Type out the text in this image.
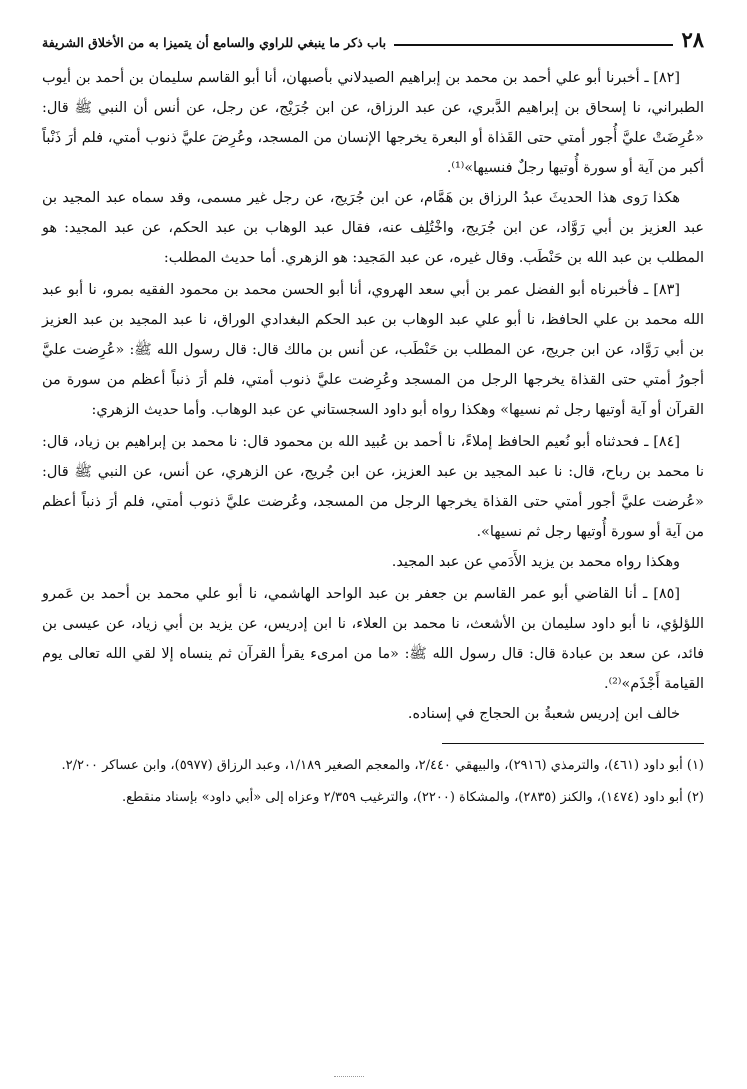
٢٨
باب ذكر ما ينبغي للراوي والسامع أن يتميزا به من الأخلاق الشريفة

[٨٢] ـ أخبرنا أبو علي أحمد بن محمد بن إبراهيم الصيدلاني بأصبهان، أنا أبو القاسم سليمان بن أحمد بن أيوب الطبراني، نا إسحاق بن إبراهيم الدَّبري، عن عبد الرزاق، عن ابن جُرَيْج، عن رجل، عن أنس أن النبي ﷺ قال: «عُرِضَتْ عليَّ أُجور أمتي حتى القَذاة أو البعرة يخرجها الإنسان من المسجد، وعُرِضَ عليَّ ذنوب أمتي، فلم أرَ ذَنْباً أكبر من آية أو سورة أُوتيها رجلٌ فنسيها»⁽¹⁾.

هكذا رَوى هذا الحديثَ عبدُ الرزاق بن هَمَّام، عن ابن جُرَيج، عن رجل غير مسمى، وقد سماه عبد المجيد بن عبد العزيز بن أبي رَوَّاد، عن ابن جُرَيج، واخْتُلِف عنه، فقال عبد الوهاب بن عبد الحكم، عن عبد المجيد: هو المطلب بن عبد الله بن حَنْطَب. وقال غيره، عن عبد المَجيد: هو الزهري. أما حديث المطلب:

[٨٣] ـ فأخبرناه أبو الفضل عمر بن أبي سعد الهروي، أنا أبو الحسن محمد بن محمود الفقيه بمرو، نا أبو عبد الله محمد بن علي الحافظ، نا أبو علي عبد الوهاب بن عبد الحكم البغدادي الوراق، نا عبد المجيد بن عبد العزيز بن أبي رَوَّاد، عن ابن جريج، عن المطلب بن حَنْطَب، عن أنس بن مالك قال: قال رسول الله ﷺ: «عُرِضت عليَّ أجورُ أمتي حتى القذاة يخرجها الرجل من المسجد وعُرِضت عليَّ ذنوب أمتي، فلم أرَ ذنباً أعظم من سورة من القرآن أو آية أوتيها رجل ثم نسيها» وهكذا رواه أبو داود السجستاني عن عبد الوهاب. وأما حديث الزهري:

[٨٤] ـ فحدثناه أبو نُعيم الحافظ إملاءً، نا أحمد بن عُبيد الله بن محمود قال: نا محمد بن إبراهيم بن زياد، قال: نا محمد بن رباح، قال: نا عبد المجيد بن عبد العزيز، عن ابن جُريج، عن الزهري، عن أنس، عن النبي ﷺ قال: «عُرضت عليَّ أجور أمتي حتى القذاة يخرجها الرجل من المسجد، وعُرضت عليَّ ذنوب أمتي، فلم أرَ ذنباً أعظم من آية أو سورة أُوتيها رجل ثم نسيها».

وهكذا رواه محمد بن يزيد الأَدَمي عن عبد المجيد.

[٨٥] ـ أنا القاضي أبو عمر القاسم بن جعفر بن عبد الواحد الهاشمي، نا أبو علي محمد بن أحمد بن عَمرو اللؤلؤي، نا أبو داود سليمان بن الأشعث، نا محمد بن العلاء، نا ابن إدريس، عن يزيد بن أبي زياد، عن عيسى بن فائد، عن سعد بن عبادة قال: قال رسول الله ﷺ: «ما من امرىء يقرأ القرآن ثم ينساه إلا لقي الله تعالى يوم القيامة أَجْذَم»⁽²⁾.

خالف ابن إدريس شعبةُ بن الحجاج في إسناده.

(١) أبو داود (٤٦١)، والترمذي (٢٩١٦)، والبيهقي ٢/٤٤٠، والمعجم الصغير ١/١٨٩، وعبد الرزاق (٥٩٧٧)، وابن عساكر ٢/٢٠٠.

(٢) أبو داود (١٤٧٤)، والكنز (٢٨٣٥)، والمشكاة (٢٢٠٠)، والترغيب ٢/٣٥٩ وعزاه إلى «أبي داود» بإسناد منقطع.
